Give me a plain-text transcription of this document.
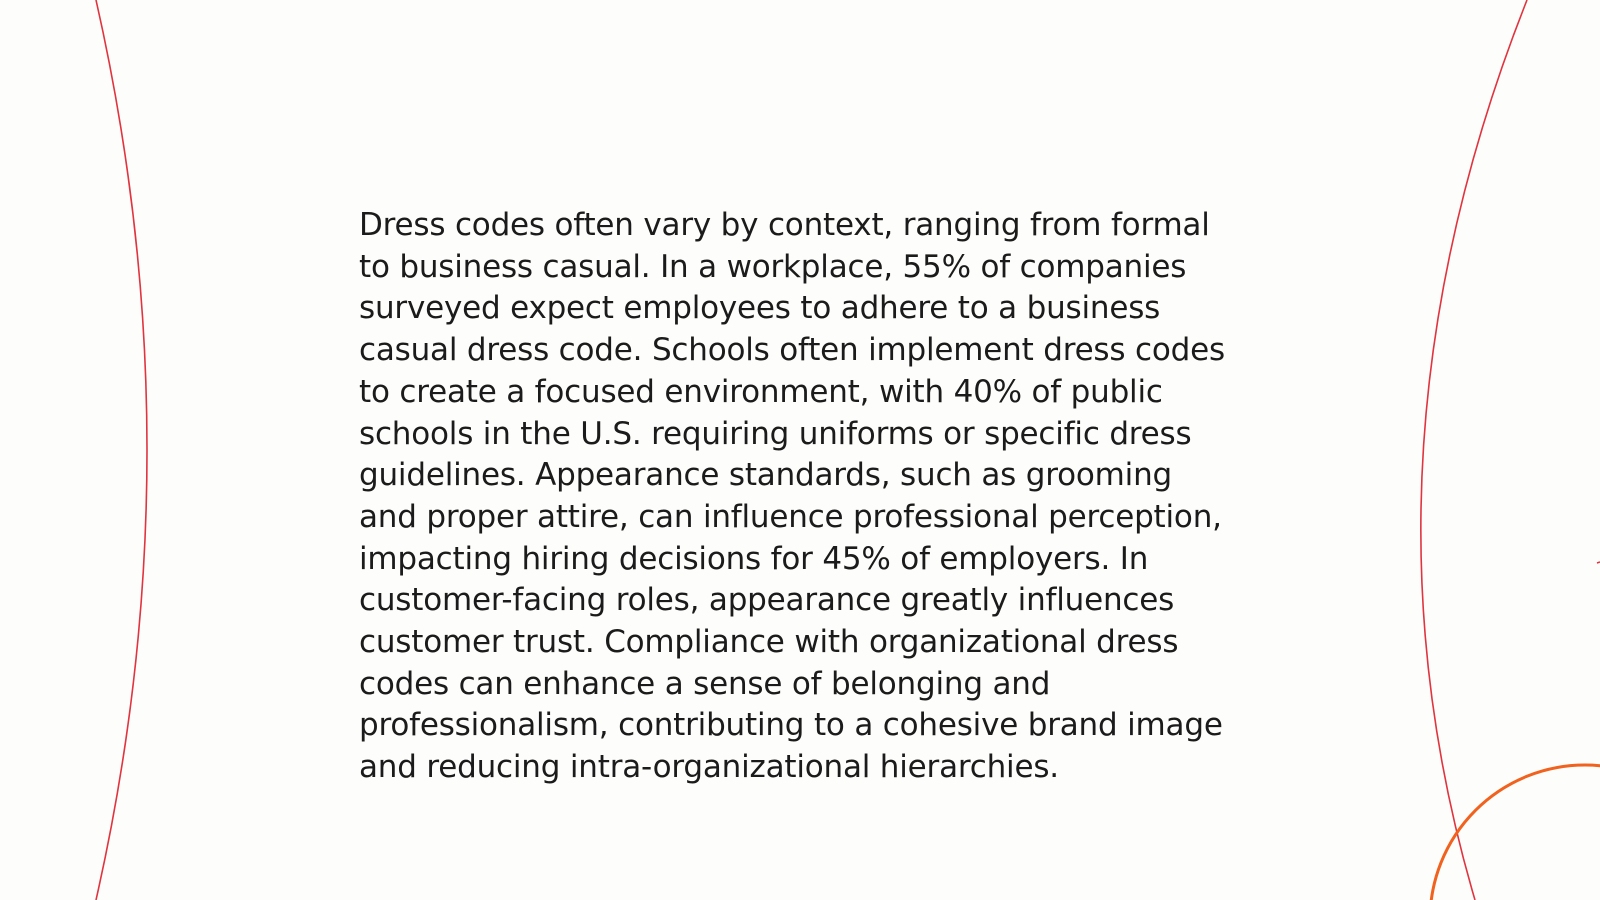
Dress codes often vary by context, ranging from formal to business casual. In a workplace, 55% of companies surveyed expect employees to adhere to a business casual dress code. Schools often implement dress codes to create a focused environment, with 40% of public schools in the U.S. requiring uniforms or specific dress guidelines. Appearance standards, such as grooming and proper attire, can influence professional perception, impacting hiring decisions for 45% of employers. In customer-facing roles, appearance greatly influences customer trust. Compliance with organizational dress codes can enhance a sense of belonging and professionalism, contributing to a cohesive brand image and reducing intra-organizational hierarchies.
